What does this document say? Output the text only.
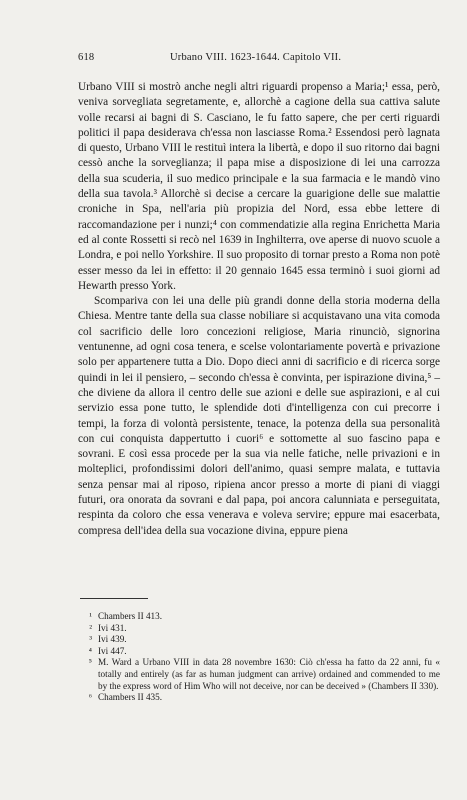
618	Urbano VIII. 1623-1644. Capitolo VII.

Urbano VIII si mostrò anche negli altri riguardi propenso a Maria;¹ essa, però, veniva sorvegliata segretamente, e, allorchè a cagione della sua cattiva salute volle recarsi ai bagni di S. Casciano, le fu fatto sapere, che per certi riguardi politici il papa desiderava ch'essa non lasciasse Roma.² Essendosi però lagnata di questo, Urbano VIII le restituì intera la libertà, e dopo il suo ritorno dai bagni cessò anche la sorveglianza; il papa mise a disposizione di lei una carrozza della sua scuderia, il suo medico principale e la sua farmacia e le mandò vino della sua tavola.³ Allorchè si decise a cercare la guarigione delle sue malattie croniche in Spa, nell'aria più propizia del Nord, essa ebbe lettere di raccomandazione per i nunzi;⁴ con commendatizie alla regina Enrichetta Maria ed al conte Rossetti si recò nel 1639 in Inghilterra, ove aperse di nuovo scuole a Londra, e poi nello Yorkshire. Il suo proposito di tornar presto a Roma non potè esser messo da lei in effetto: il 20 gennaio 1645 essa terminò i suoi giorni ad Hewarth presso York.

Scompariva con lei una delle più grandi donne della storia moderna della Chiesa. Mentre tante della sua classe nobiliare si acquistavano una vita comoda col sacrificio delle loro concezioni religiose, Maria rinunciò, signorina ventunenne, ad ogni cosa tenera, e scelse volontariamente povertà e privazione solo per appartenere tutta a Dio. Dopo dieci anni di sacrificio e di ricerca sorge quindi in lei il pensiero, – secondo ch'essa è convinta, per ispirazione divina,⁵ – che diviene da allora il centro delle sue azioni e delle sue aspirazioni, e al cui servizio essa pone tutto, le splendide doti d'intelligenza con cui precorre i tempi, la forza di volontà persistente, tenace, la potenza della sua personalità con cui conquista dappertutto i cuori⁶ e sottomette al suo fascino papa e sovrani. E così essa procede per la sua via nelle fatiche, nelle privazioni e in molteplici, profondissimi dolori dell'animo, quasi sempre malata, e tuttavia senza pensar mai al riposo, ripiena ancor presso a morte di piani di viaggi futuri, ora onorata da sovrani e dal papa, poi ancora calunniata e perseguitata, respinta da coloro che essa venerava e voleva servire; eppure mai esacerbata, compresa dell'idea della sua vocazione divina, eppure piena

¹ Chambers II 413.
² Ivi 431.
³ Ivi 439.
⁴ Ivi 447.
⁵ M. Ward a Urbano VIII in data 28 novembre 1630: Ciò ch'essa ha fatto da 22 anni, fu « totally and entirely (as far as human judgment can arrive) ordained and commended to me by the express word of Him Who will not deceive, nor can be deceived » (Chambers II 330).
⁶ Chambers II 435.
